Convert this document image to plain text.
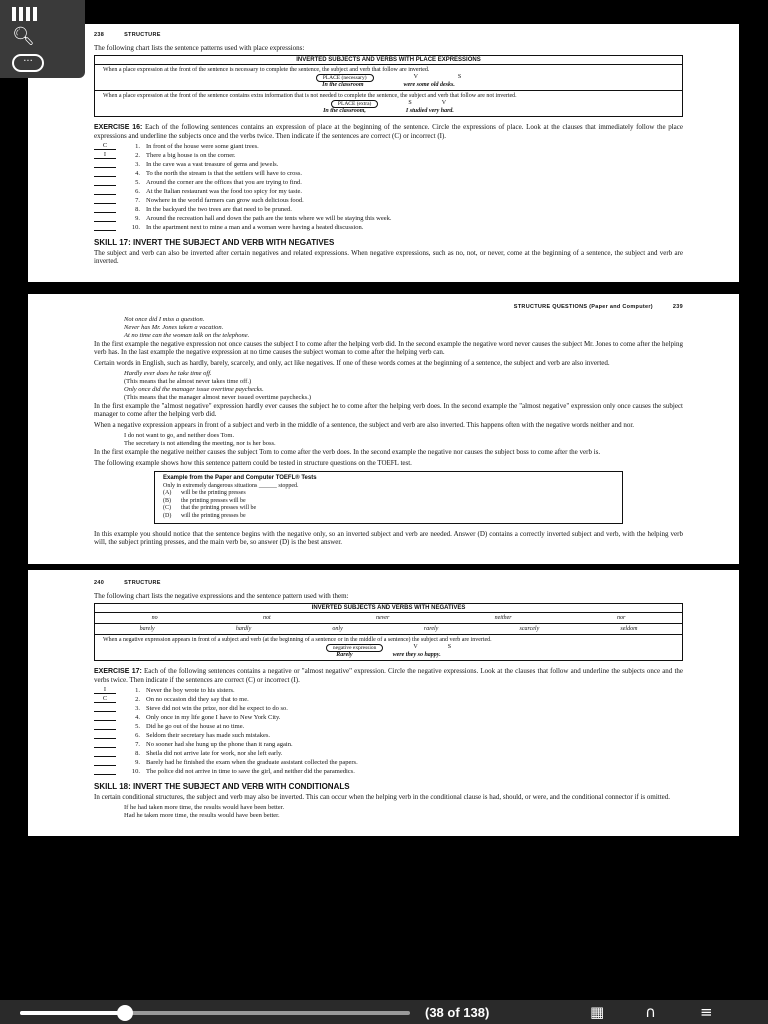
238	STRUCTURE

The following chart lists the sentence patterns used with place expressions:

INVERTED SUBJECTS AND VERBS WITH PLACE EXPRESSIONS
When a place expression at the front of the sentence is necessary to complete the sentence, the subject and verb that follow are inverted.
PLACE (necessary)	V	S
In the classroom	were some old desks.
When a place expression at the front of the sentence contains extra information that is not needed to complete the sentence, the subject and verb that follow are not inverted.
PLACE (extra)	S	V
In the classroom,	I studied very hard.

EXERCISE 16: Each of the following sentences contains an expression of place at the beginning of the sentence. Circle the expressions of place. Look at the clauses that immediately follow the place expressions and underline the subjects once and the verbs twice. Then indicate if the sentences are correct (C) or incorrect (I).

C	1. In front of the house were some giant trees.
I	2. There a big house is on the corner.
3. In the cave was a vast treasure of gems and jewels.
4. To the north the stream is that the settlers will have to cross.
5. Around the corner are the offices that you are trying to find.
6. At the Italian restaurant was the food too spicy for my taste.
7. Nowhere in the world farmers can grow such delicious food.
8. In the backyard the two trees are that need to be pruned.
9. Around the recreation hall and down the path are the tents where we will be staying this week.
10. In the apartment next to mine a man and a woman were having a heated discussion.
SKILL 17: INVERT THE SUBJECT AND VERB WITH NEGATIVES

The subject and verb can also be inverted after certain negatives and related expressions. When negative expressions, such as no, not, or never, come at the beginning of a sentence, the subject and verb are inverted.

STRUCTURE QUESTIONS (Paper and Computer)	239
Not once did I miss a question.
Never has Mr. Jones taken a vacation.
At no time can the woman talk on the telephone.

In the first example the negative expression not once causes the subject I to come after the helping verb did. In the second example the negative word never causes the subject Mr. Jones to come after the helping verb has. In the last example the negative expression at no time causes the subject woman to come after the helping verb can.

Certain words in English, such as hardly, barely, scarcely, and only, act like negatives. If one of these words comes at the beginning of a sentence, the subject and verb are also inverted.

Hardly ever does he take time off.
(This means that he almost never takes time off.)
Only once did the manager issue overtime paychecks.
(This means that the manager almost never issued overtime paychecks.)

In the first example the "almost negative" expression hardly ever causes the subject he to come after the helping verb does. In the second example the "almost negative" expression only once causes the subject manager to come after the helping verb did.

When a negative expression appears in front of a subject and verb in the middle of a sentence, the subject and verb are also inverted. This happens often with the negative words neither and nor.

I do not want to go, and neither does Tom.
The secretary is not attending the meeting, nor is her boss.

In the first example the negative neither causes the subject Tom to come after the verb does. In the second example the negative nor causes the subject boss to come after the verb is.

The following example shows how this sentence pattern could be tested in structure questions on the TOEFL test.

Example from the Paper and Computer TOEFL® Tests
Only in extremely dangerous situations ______ stopped.
(A) will be the printing presses
(B) the printing presses will be
(C) that the printing presses will be
(D) will the printing presses be

In this example you should notice that the sentence begins with the negative only, so an inverted subject and verb are needed. Answer (D) contains a correctly inverted subject and verb, with the helping verb will, the subject printing presses, and the main verb be, so answer (D) is the best answer.

240	STRUCTURE

The following chart lists the negative expressions and the sentence pattern used with them:

INVERTED SUBJECTS AND VERBS WITH NEGATIVES
no	not	never	neither	nor
barely	hardly	only	rarely	scarcely	seldom
When a negative expression appears in front of a subject and verb (at the beginning of a sentence or in the middle of a sentence) the subject and verb are inverted.
negative expression	V	S
Rarely	were they so happy.

EXERCISE 17: Each of the following sentences contains a negative or "almost negative" expression. Circle the negative expressions. Look at the clauses that follow and underline the subjects once and the verbs twice. Then indicate if the sentences are correct (C) or incorrect (I).

I	1. Never the boy wrote to his sisters.
C	2. On no occasion did they say that to me.
3. Steve did not win the prize, nor did he expect to do so.
4. Only once in my life gone I have to New York City.
5. Did he go out of the house at no time.
6. Seldom their secretary has made such mistakes.
7. No sooner had she hung up the phone than it rang again.
8. Sheila did not arrive late for work, nor she left early.
9. Barely had he finished the exam when the graduate assistant collected the papers.
10. The police did not arrive in time to save the girl, and neither did the paramedics.
SKILL 18: INVERT THE SUBJECT AND VERB WITH CONDITIONALS

In certain conditional structures, the subject and verb may also be inverted. This can occur when the helping verb in the conditional clause is had, should, or were, and the conditional connector if is omitted.

If he had taken more time, the results would have been better.
Had he taken more time, the results would have been better.
🔍︎
···
(38 of 138)	▦	∩	≡
